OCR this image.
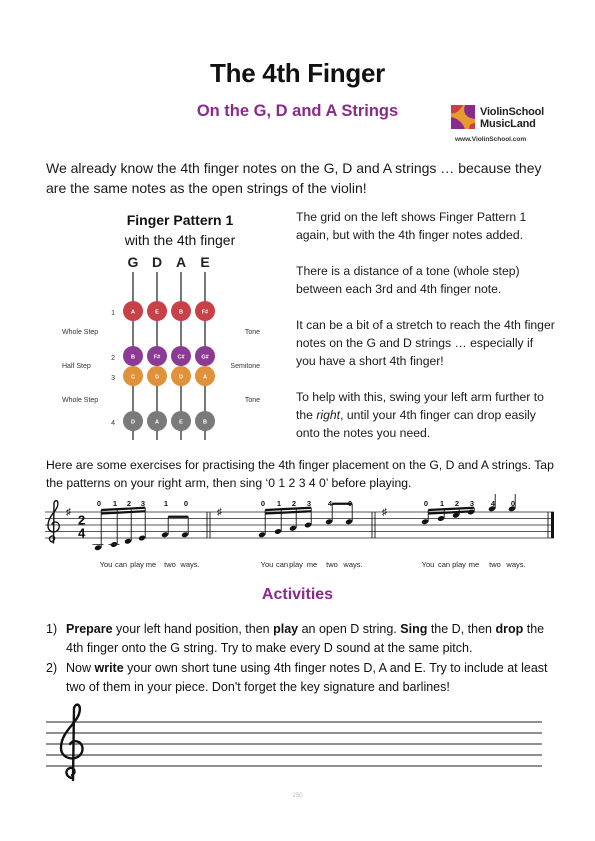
The 4th Finger
On the G, D and A Strings	ViolinSchool
MusicLand
www.ViolinSchool.com
We already know the 4th finger notes on the G, D and A strings … because they are the same notes as the open strings of the violin!
Finger Pattern 1
with the 4th finger
G D A E
1	A	E	B	F#
2	B	F#	C#	G#
3	C	G	D	A
4	D	A	E	B
Whole Step
Half Step
Whole Step
Tone
Semitone
Tone

The grid on the left shows Finger Pattern 1 again, but with the 4th finger notes added.

There is a distance of a tone (whole step) between each 3rd and 4th finger note.

It can be a bit of a stretch to reach the 4th finger notes on the G and D strings … especially if you have a short 4th finger!

To help with this, swing your left arm further to the right, until your 4th finger can drop easily onto the notes you need.

Here are some exercises for practising the 4th finger placement on the G, D and A strings. Tap the patterns on your right arm, then sing ‘0 1 2 3 4 0’ before playing.
♯ 2
4
0 1 2 3	1 0
You can play me two ways.
♯
0 1 2 3 4 0
You can play me two ways.
♯
0 1 2 3 4 0
You can play me two ways.
Activities
1) Prepare your left hand position, then play an open D string. Sing the D, then drop the 4th finger onto the G string. Try to make every D sound at the same pitch.
2) Now write your own short tune using 4th finger notes D, A and E. Try to include at least two of them in your piece. Don't forget the key signature and barlines!
250
